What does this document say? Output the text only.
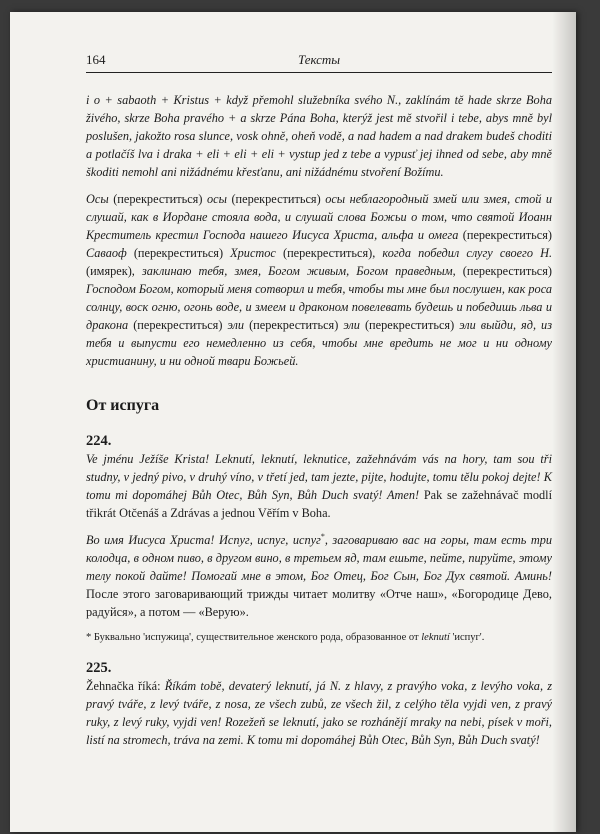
164	Тексты

i o + sabaoth + Kristus + když přemohl služebníka svého N., zaklínám tě hade skrze Boha živého, skrze Boha pravého + a skrze Pána Boha, kterýž jest mě stvořil i tebe, abys mně byl poslušen, jakožto rosa slunce, vosk ohně, oheň vodě, a nad hadem a nad drakem budeš choditi a potlačíš lva i draka + eli + eli + eli + vystup jed z tebe a vypusť jej ihned od sebe, aby mně škoditi nemohl ani nižádnému křesťanu, ani nižádnému stvoření Božímu.

Осы (перекреститься) осы (перекреститься) осы неблагородный змей или змея, стой и слушай, как в Иордане стояла вода, и слушай слова Божьи о том, что святой Иоанн Креститель крестил Господа нашего Иисуса Христа, альфа и омега (перекреститься) Саваоф (перекреститься) Христос (перекреститься), когда победил слугу своего Н. (имярек), заклинаю тебя, змея, Богом живым, Богом праведным, (перекреститься) Господом Богом, который меня сотворил и тебя, чтобы ты мне был послушен, как роса солнцу, воск огню, огонь воде, и змеем и драконом повелевать будешь и победишь льва и дракона (перекреститься) эли (перекреститься) эли (перекреститься) эли выйди, яд, из тебя и выпусти его немедленно из себя, чтобы мне вредить не мог и ни одному христианину, и ни одной твари Божьей.

От испуга
224.

Ve jménu Ježíše Krista! Leknutí, leknutí, leknutice, zažehnávám vás na hory, tam sou tři studny, v jedný pivo, v druhý víno, v třetí jed, tam jezte, pijte, hodujte, tomu tělu pokoj dejte! K tomu mi dopomáhej Bůh Otec, Bůh Syn, Bůh Duch svatý! Amen! Pak se zažehnávač modlí třikrát Otčenáš a Zdrávas a jednou Věřím v Boha.

Во имя Иисуса Христа! Испуг, испуг, испуг*, заговариваю вас на горы, там есть три колодца, в одном пиво, в другом вино, в третьем яд, там ешьте, пейте, пируйте, этому телу покой дайте! Помогай мне в этом, Бог Отец, Бог Сын, Бог Дух святой. Аминь! После этого заговаривающий трижды читает молитву «Отче наш», «Богородице Дево, радуйся», а потом — «Верую».

* Буквально 'испужица', существительное женского рода, образованное от leknutí 'испуг'.

225.

Žehnačka říká: Říkám tobě, devaterý leknutí, já N. z hlavy, z pravýho voka, z levýho voka, z pravý tváře, z levý tváře, z nosa, ze všech zubů, ze všech žil, z celýho těla vyjdi ven, z pravý ruky, z levý ruky, vyjdi ven! Rozežeň se leknutí, jako se rozhánějí mraky na nebi, písek v moři, listí na stromech, tráva na zemi. K tomu mi dopomáhej Bůh Otec, Bůh Syn, Bůh Duch svatý!
